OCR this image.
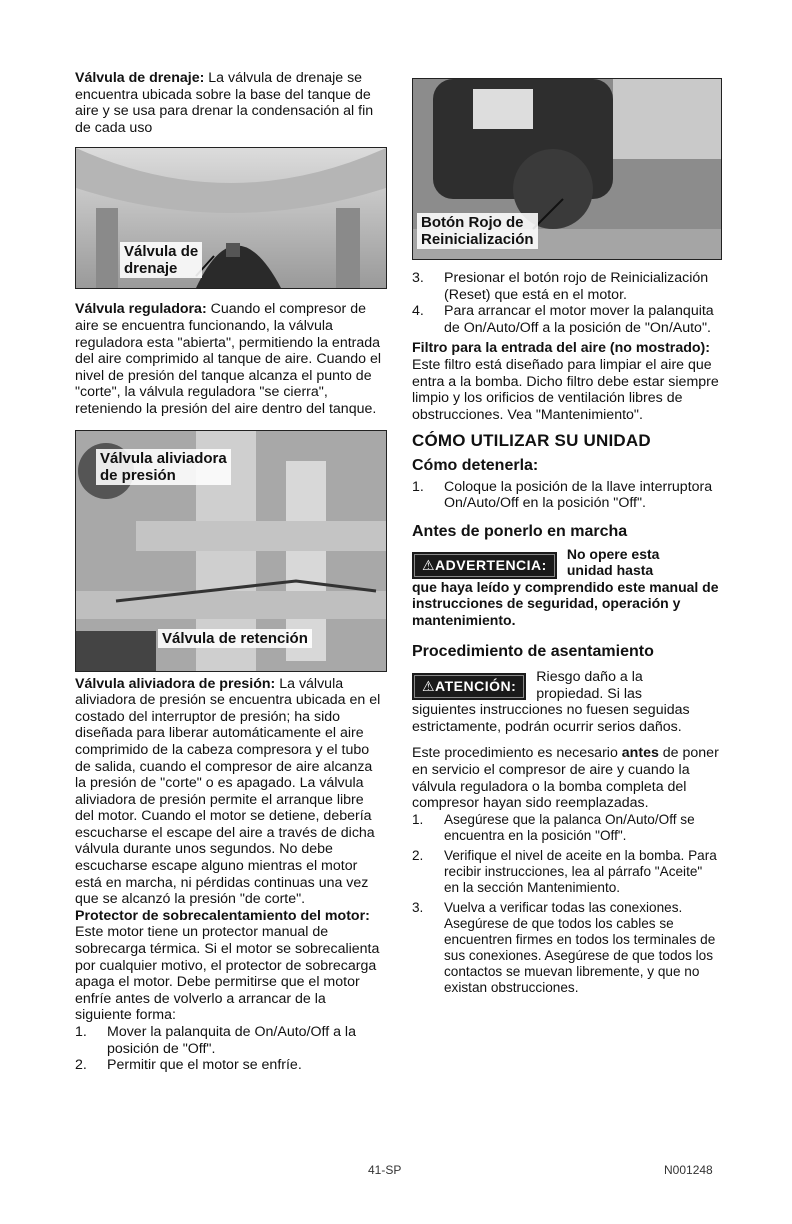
Válvula de drenaje: La válvula de drenaje se encuentra ubicada sobre la base del tanque de aire y se usa para drenar la condensación al fin de cada uso

Válvula de
drenaje

Válvula reguladora: Cuando el compresor de aire se encuentra funcionando, la válvula reguladora esta "abierta", permitiendo la entrada del aire comprimido al tanque de aire. Cuando el nivel de presión del tanque alcanza el punto de "corte", la válvula reguladora "se cierra", reteniendo la presión del aire dentro del tanque.

Válvula aliviadora
de presión
Válvula de retención

Válvula aliviadora de presión: La válvula aliviadora de presión se encuentra ubicada en el costado del interruptor de presión; ha sido diseñada para liberar automáticamente el aire comprimido de la cabeza compresora y el tubo de salida, cuando el compresor de aire alcanza la presión de "corte" o es apagado. La válvula aliviadora de presión permite el arranque libre del motor. Cuando el motor se detiene, debería escucharse el escape del aire a través de dicha válvula durante unos segundos. No debe escucharse escape alguno mientras el motor está en marcha, ni pérdidas continuas una vez que se alcanzó la presión "de corte".

Protector de sobrecalentamiento del motor: Este motor tiene un protector manual de sobrecarga térmica. Si el motor se sobrecalienta por cualquier motivo, el protector de sobrecarga apaga el motor. Debe permitirse que el motor enfríe antes de volverlo a arrancar de la siguiente forma:

1. Mover la palanquita de On/Auto/Off a la posición de "Off".
2. Permitir que el motor se enfríe.
Botón Rojo de
Reinicialización
3. Presionar el botón rojo de Reinicialización (Reset) que está en el motor.
4. Para arrancar el motor mover la palanquita de On/Auto/Off a la posición de "On/Auto".

Filtro para la entrada del aire (no mostrado): Este filtro está diseñado para limpiar el aire que entra a la bomba. Dicho filtro debe estar siempre limpio y los orificios de ventilación libres de obstrucciones. Vea "Mantenimiento".

CÓMO UTILIZAR SU UNIDAD
Cómo detenerla:
1. Coloque la posición de la llave interruptora On/Auto/Off en la posición "Off".
Antes de ponerlo en marcha
⚠ADVERTENCIA:
No opere esta unidad hasta
que haya leído y comprendido este manual de instrucciones de seguridad, operación y mantenimiento.
Procedimiento de asentamiento
⚠ATENCIÓN:
Riesgo daño a la propiedad. Si las
siguientes instrucciones no fuesen seguidas estrictamente, podrán ocurrir serios daños.

Este procedimiento es necesario antes de poner en servicio el compresor de aire y cuando la válvula reguladora o la bomba completa del compresor hayan sido reemplazadas.

1. Asegúrese que la palanca On/Auto/Off se encuentra en la posición "Off".
2. Verifique el nivel de aceite en la bomba. Para recibir instrucciones, lea al párrafo "Aceite" en la sección Mantenimiento.
3. Vuelva a verificar todas las conexiones. Asegúrese de que todos los cables se encuentren firmes en todos los terminales de sus conexiones. Asegúrese de que todos los contactos se muevan libremente, y que no existan obstrucciones.
41-SP	N001248
